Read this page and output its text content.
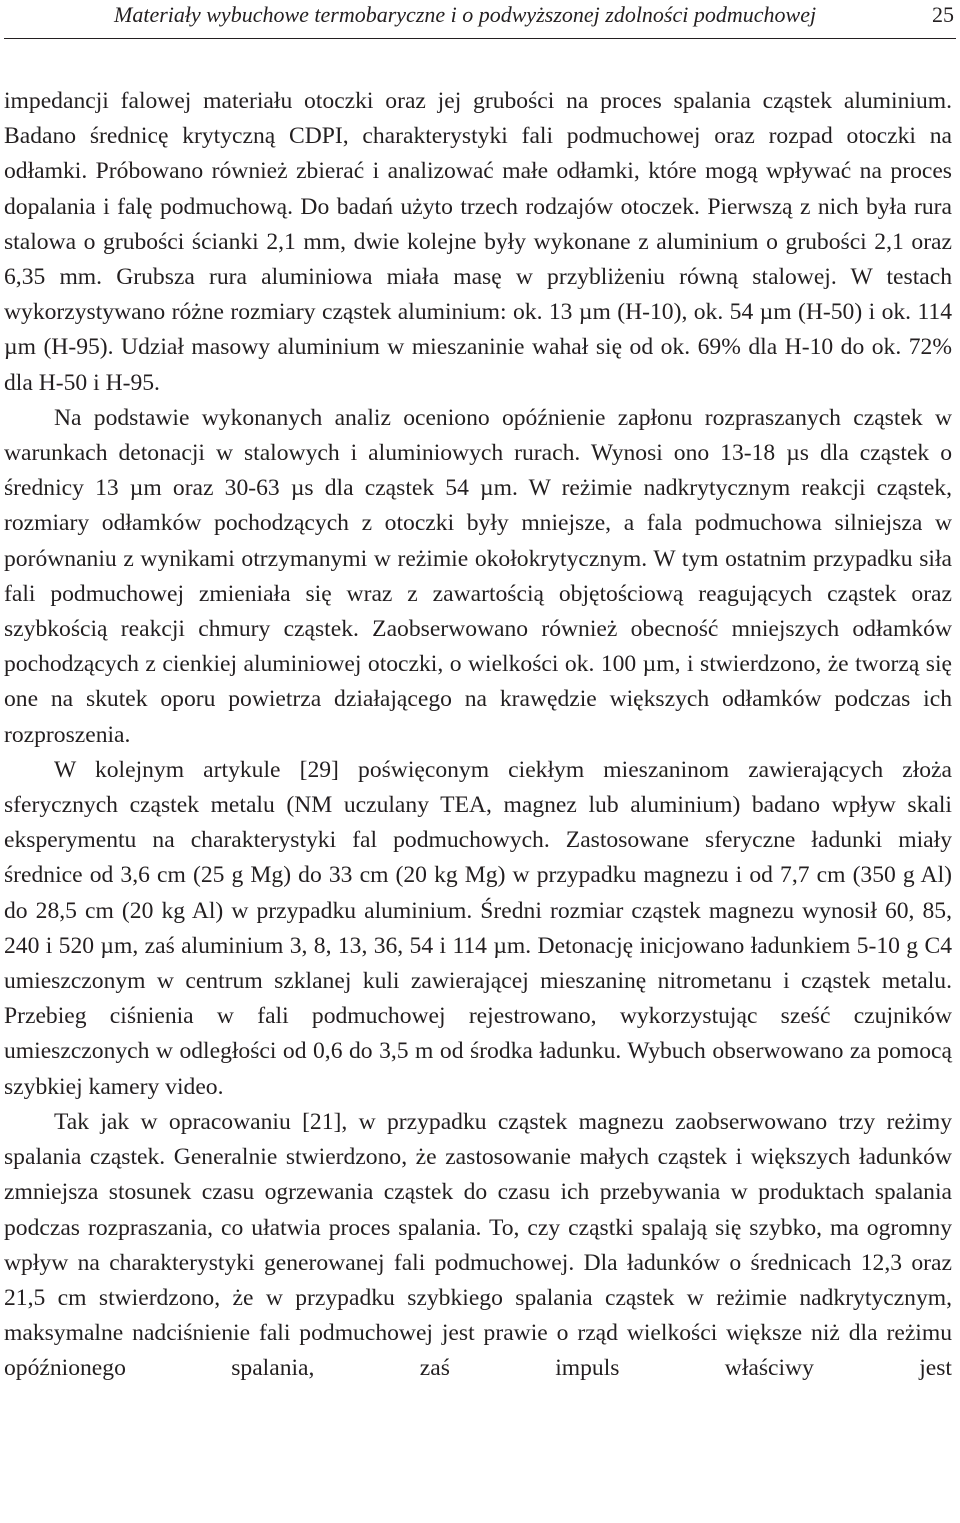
Materiały wybuchowe termobaryczne i o podwyższonej zdolności podmuchowej	25

impedancji falowej materiału otoczki oraz jej grubości na proces spalania cząstek aluminium. Badano średnicę krytyczną CDPI, charakterystyki fali podmuchowej oraz rozpad otoczki na odłamki. Próbowano również zbierać i analizować małe odłamki, które mogą wpływać na proces dopalania i falę podmuchową. Do badań użyto trzech rodzajów otoczek. Pierwszą z nich była rura stalowa o grubości ścianki 2,1 mm, dwie kolejne były wykonane z aluminium o grubości 2,1 oraz 6,35 mm. Grubsza rura aluminiowa miała masę w przybliżeniu równą stalowej. W testach wykorzystywano różne rozmiary cząstek aluminium: ok. 13 µm (H-10), ok. 54 µm (H-50) i ok. 114 µm (H-95). Udział masowy aluminium w mieszaninie wahał się od ok. 69% dla H-10 do ok. 72% dla H-50 i H-95.

Na podstawie wykonanych analiz oceniono opóźnienie zapłonu rozpraszanych cząstek w warunkach detonacji w stalowych i aluminiowych rurach. Wynosi ono 13-18 µs dla cząstek o średnicy 13 µm oraz 30-63 µs dla cząstek 54 µm. W reżimie nadkrytycznym reakcji cząstek, rozmiary odłamków pochodzących z otoczki były mniejsze, a fala podmuchowa silniejsza w porównaniu z wynikami otrzymanymi w reżimie okołokrytycznym. W tym ostatnim przypadku siła fali podmuchowej zmieniała się wraz z zawartością objętościową reagujących cząstek oraz szybkością reakcji chmury cząstek. Zaobserwowano również obecność mniejszych odłamków pochodzących z cienkiej aluminiowej otoczki, o wielkości ok. 100 µm, i stwierdzono, że tworzą się one na skutek oporu powietrza działającego na krawędzie większych odłamków podczas ich rozproszenia.

W kolejnym artykule [29] poświęconym ciekłym mieszaninom zawierających złoża sferycznych cząstek metalu (NM uczulany TEA, magnez lub aluminium) badano wpływ skali eksperymentu na charakterystyki fal podmuchowych. Zastosowane sferyczne ładunki miały średnice od 3,6 cm (25 g Mg) do 33 cm (20 kg Mg) w przypadku magnezu i od 7,7 cm (350 g Al) do 28,5 cm (20 kg Al) w przypadku aluminium. Średni rozmiar cząstek magnezu wynosił 60, 85, 240 i 520 µm, zaś aluminium 3, 8, 13, 36, 54 i 114 µm. Detonację inicjowano ładunkiem 5-10 g C4 umieszczonym w centrum szklanej kuli zawierającej mieszaninę nitrometanu i cząstek metalu. Przebieg ciśnienia w fali podmuchowej rejestrowano, wykorzystując sześć czujników umieszczonych w odległości od 0,6 do 3,5 m od środka ładunku. Wybuch obserwowano za pomocą szybkiej kamery video.

Tak jak w opracowaniu [21], w przypadku cząstek magnezu zaobserwowano trzy reżimy spalania cząstek. Generalnie stwierdzono, że zastosowanie małych cząstek i większych ładunków zmniejsza stosunek czasu ogrzewania cząstek do czasu ich przebywania w produktach spalania podczas rozpraszania, co ułatwia proces spalania. To, czy cząstki spalają się szybko, ma ogromny wpływ na charakterystyki generowanej fali podmuchowej. Dla ładunków o średnicach 12,3 oraz 21,5 cm stwierdzono, że w przypadku szybkiego spalania cząstek w reżimie nadkrytycznym, maksymalne nadciśnienie fali podmuchowej jest prawie o rząd wielkości większe niż dla reżimu opóźnionego spalania, zaś impuls właściwy jest
